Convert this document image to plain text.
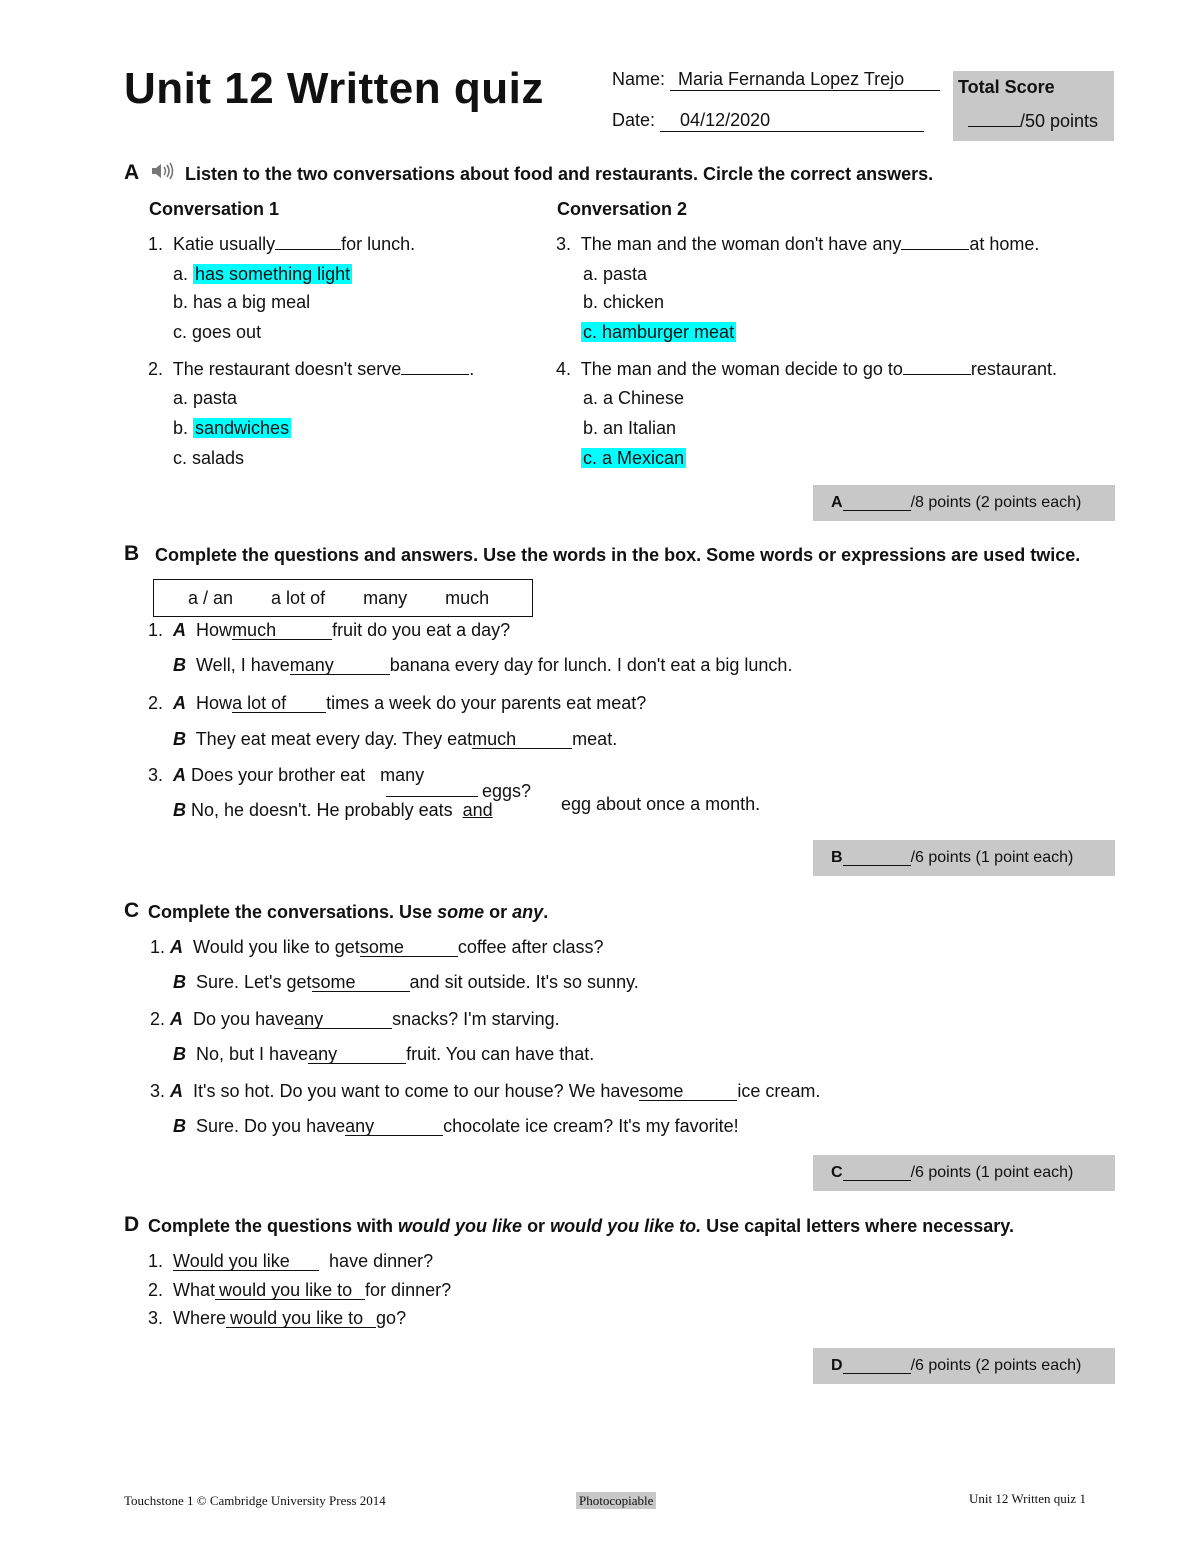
Unit 12 Written quiz	Name: Maria Fernanda Lopez Trejo
Date: 04/12/2020
Total Score
/50 points
A	Listen to the two conversations about food and restaurants. Circle the correct answers.
Conversation 1	Conversation 2
1. Katie usually	for lunch.
a. has something light
b. has a big meal
c. goes out
2. The restaurant doesn't serve	.
a. pasta
b. sandwiches
c. salads
3. The man and the woman don't have any	at home.
a. pasta
b. chicken
c. hamburger meat
4. The man and the woman decide to go to	restaurant.
a. a Chinese
b. an Italian
c. a Mexican
A	/8 points (2 points each)
B Complete the questions and answers. Use the words in the box. Some words or expressions are used twice.
a / an a lot of many much
1. A Howmuch	fruit do you eat a day?
B Well, I havemany	banana every day for lunch. I don't eat a big lunch.
2. A Howa lot of times a week do your parents eat meat?
B They eat meat every day. They eatmuch	meat.
3. A Does your brother eat many
eggs?
B No, he doesn't. He probably eats and	egg about once a month.
B	/6 points (1 point each)
C Complete the conversations. Use some or any.
1. A Would you like to getsome	coffee after class?
B Sure. Let's getsome	and sit outside. It's so sunny.
2. A Do you haveany	snacks? I'm starving.
B No, but I haveany	fruit. You can have that.
3. A It's so hot. Do you want to come to our house? We havesome	ice cream.
B Sure. Do you haveany	chocolate ice cream? It's my favorite!
C	/6 points (1 point each)
D Complete the questions with would you like or would you like to. Use capital letters where necessary.
1. Would you like have dinner?
2. What would you like to for dinner?
3. Where would you like to go?
D	/6 points (2 points each)
Touchstone 1 © Cambridge University Press 2014	Photocopiable	Unit 12 Written quiz 1
